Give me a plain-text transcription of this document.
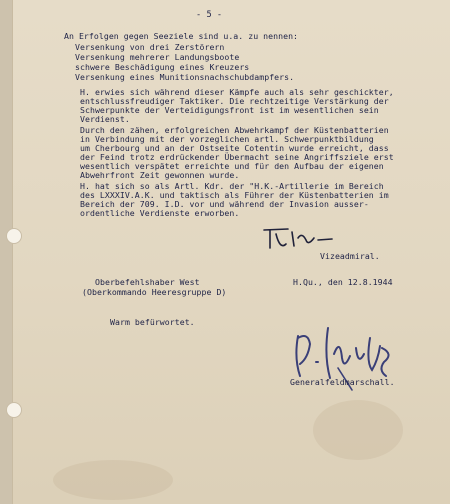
- 5 -
An Erfolgen gegen Seeziele sind u.a. zu nennen:
Versenkung von drei Zerstörern
Versenkung mehrerer Landungsboote
schwere Beschädigung eines Kreuzers
Versenkung eines Munitionsnachschubdampfers.
H. erwies sich während dieser Kämpfe auch als sehr geschickter,
entschlussfreudiger Taktiker. Die rechtzeitige Verstärkung der
Schwerpunkte der Verteidigungsfront ist im wesentlichen sein
Verdienst.
Durch den zähen, erfolgreichen Abwehrkampf der Küstenbatterien
in Verbindung mit der vorzeglichen artl. Schwerpunktbildung
um Cherbourg und an der Ostseite Cotentin wurde erreicht, dass
der Feind trotz erdrückender Übermacht seine Angriffsziele erst
wesentlich verspätet erreichte und für den Aufbau der eigenen
Abwehrfront Zeit gewonnen wurde.
H. hat sich so als Artl. Kdr. der "H.K.-Artillerie im Bereich
des LXXXIV.A.K. und taktisch als Führer der Küstenbatterien im
Bereich der 709. I.D. vor und während der Invasion ausser-
ordentliche Verdienste erworben.
Vizeadmiral.
Oberbefehlshaber West
(Oberkommando Heeresgruppe D)
H.Qu., den 12.8.1944
Warm befürwortet.
Generalfeldmarschall.
